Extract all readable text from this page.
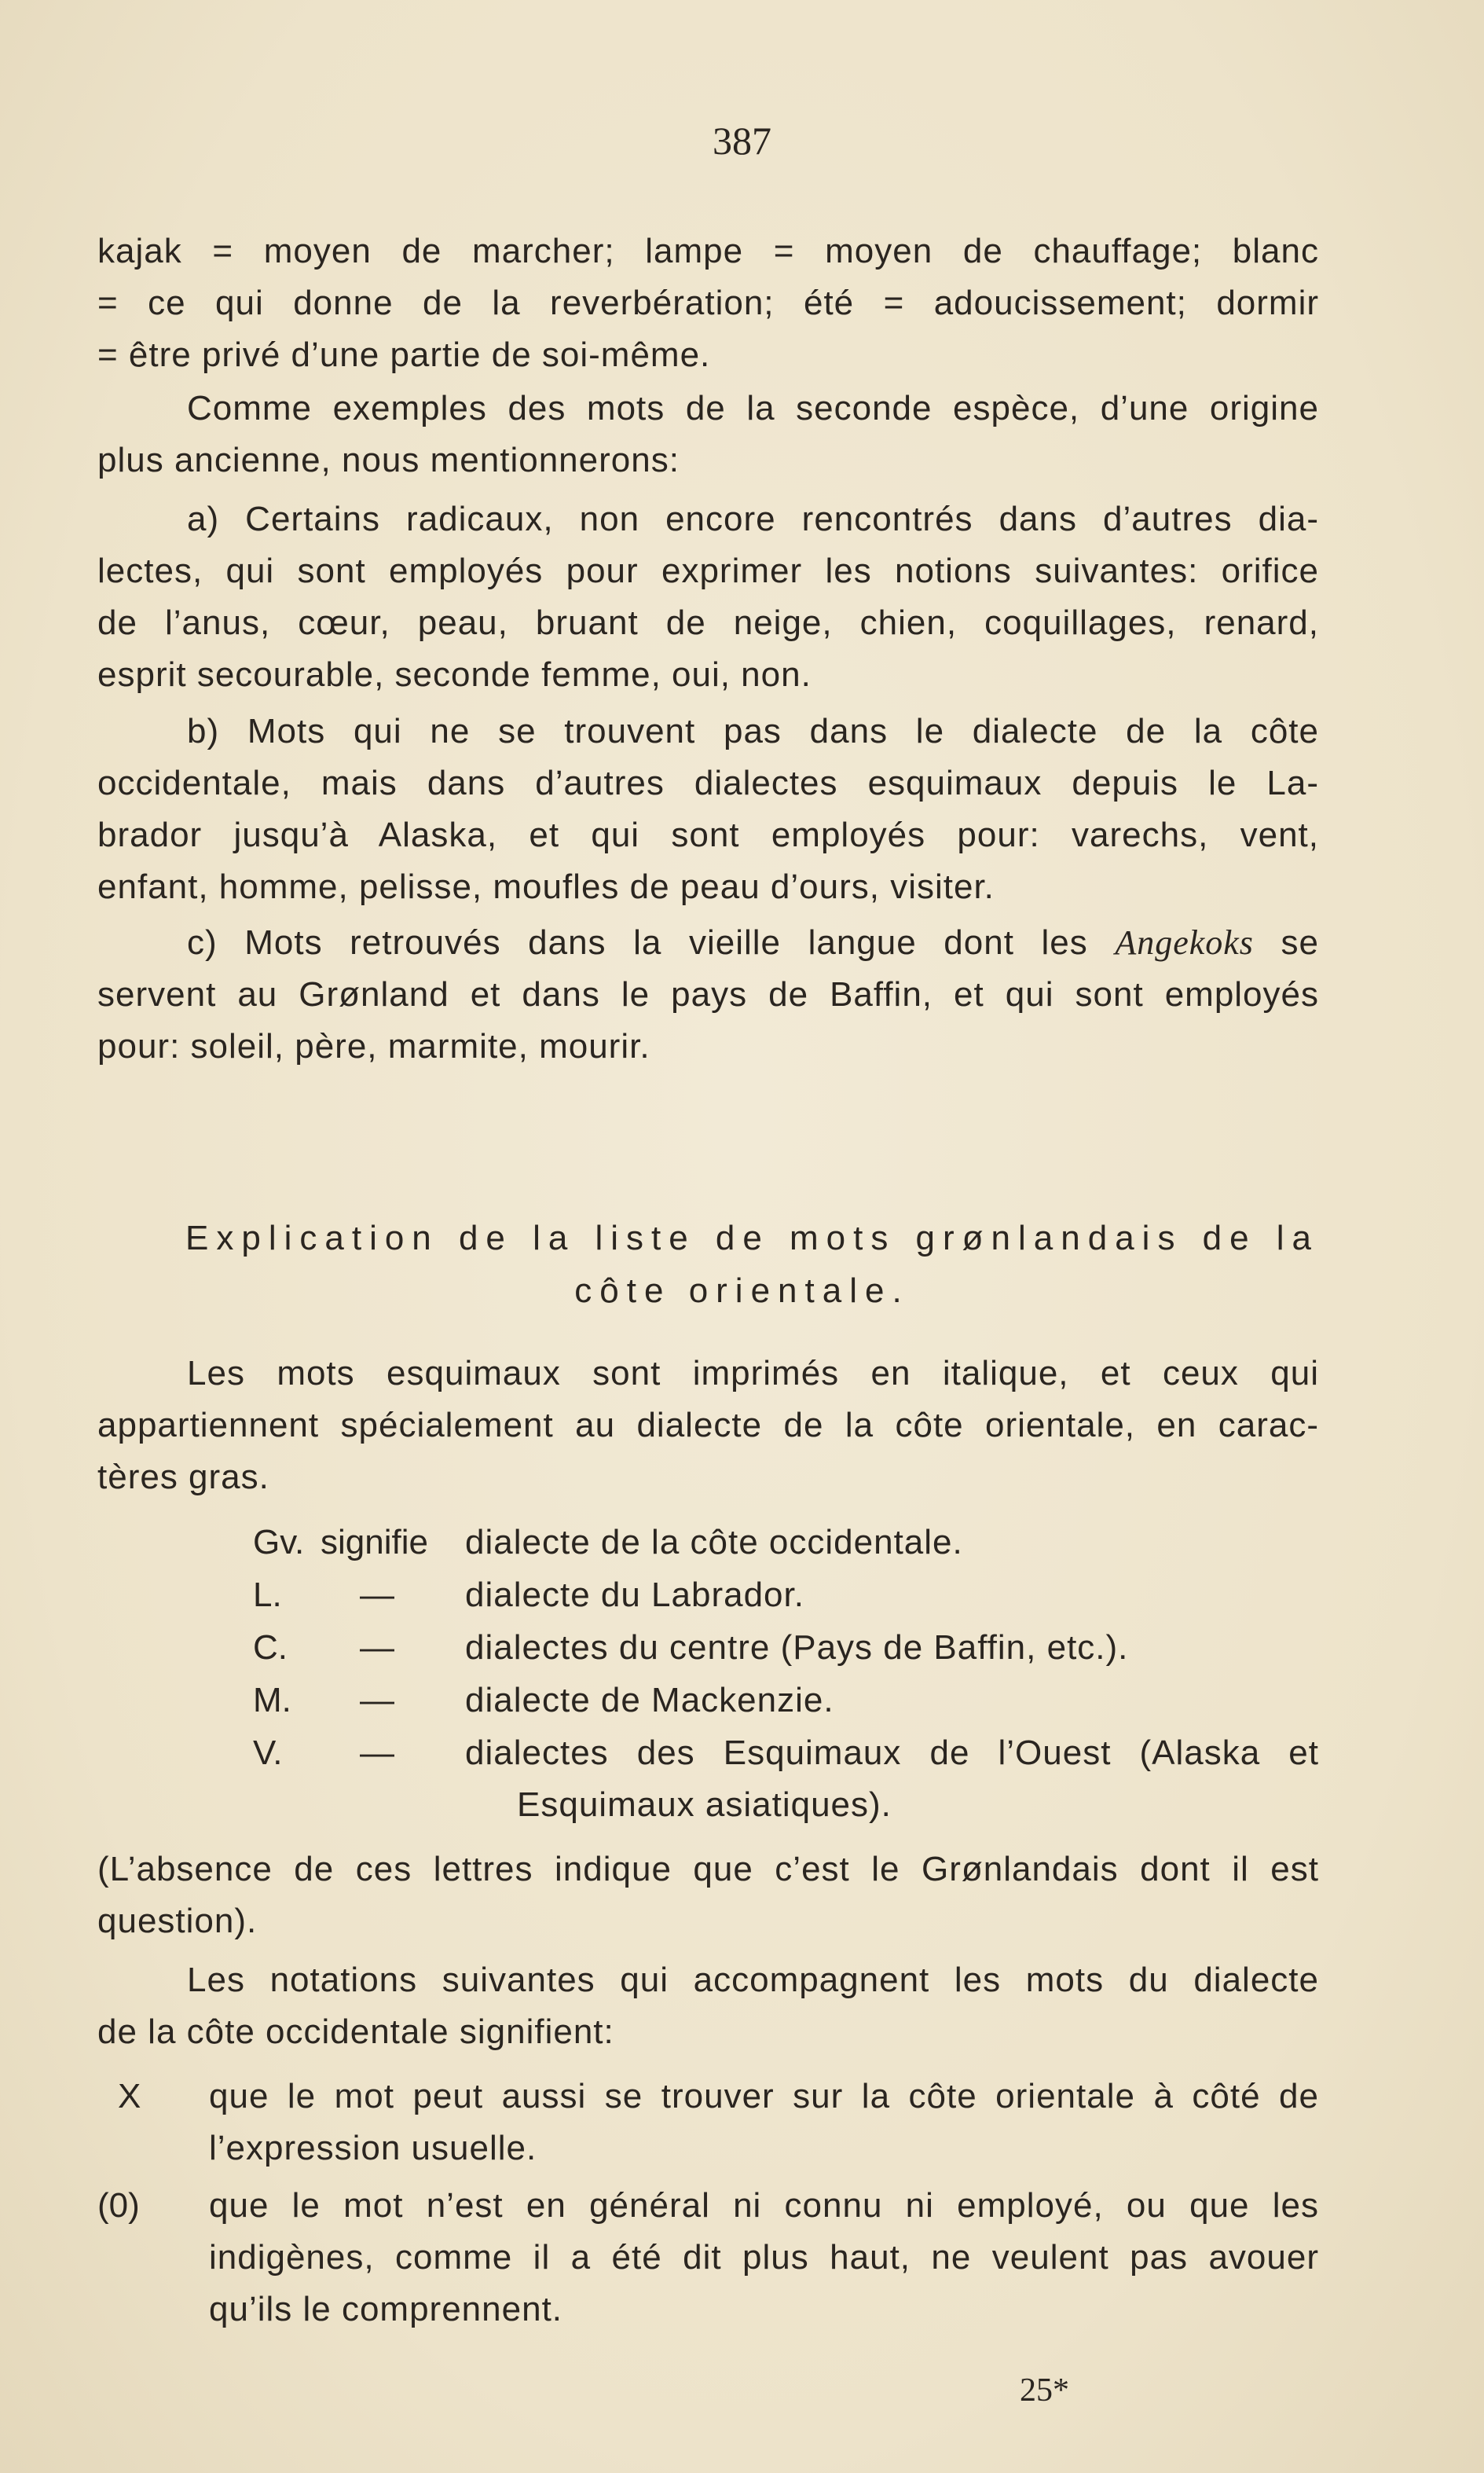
387
kajak = moyen de marcher; lampe = moyen de chauffage; blanc
= ce qui donne de la reverbération; été = adoucissement; dormir
= être privé d’une partie de soi-même.
Comme exemples des mots de la seconde espèce, d’une origine
plus ancienne, nous mentionnerons:
a) Certains radicaux, non encore rencontrés dans d’autres dia-
lectes, qui sont employés pour exprimer les notions suivantes: orifice
de l’anus, cœur, peau, bruant de neige, chien, coquillages, renard,
esprit secourable, seconde femme, oui, non.
b) Mots qui ne se trouvent pas dans le dialecte de la côte
occidentale, mais dans d’autres dialectes esquimaux depuis le La-
brador jusqu’à Alaska, et qui sont employés pour: varechs, vent,
enfant, homme, pelisse, moufles de peau d’ours, visiter.
c) Mots retrouvés dans la vieille langue dont les Angekoks se
servent au Grønland et dans le pays de Baffin, et qui sont employés
pour: soleil, père, marmite, mourir.
Explication de la liste de mots grønlandais de la
côte orientale.
Les mots esquimaux sont imprimés en italique, et ceux qui
appartiennent spécialement au dialecte de la côte orientale, en carac-
tères gras.
Gv. signifie dialecte de la côte occidentale.
L. — dialecte du Labrador.
C. — dialectes du centre (Pays de Baffin, etc.).
M. — dialecte de Mackenzie.
V. — dialectes des Esquimaux de l’Ouest (Alaska et
Esquimaux asiatiques).
(L’absence de ces lettres indique que c’est le Grønlandais dont il est
question).
Les notations suivantes qui accompagnent les mots du dialecte
de la côte occidentale signifient:
X que le mot peut aussi se trouver sur la côte orientale à côté de
l’expression usuelle.
(0) que le mot n’est en général ni connu ni employé, ou que les
indigènes, comme il a été dit plus haut, ne veulent pas avouer
qu’ils le comprennent.
25*
